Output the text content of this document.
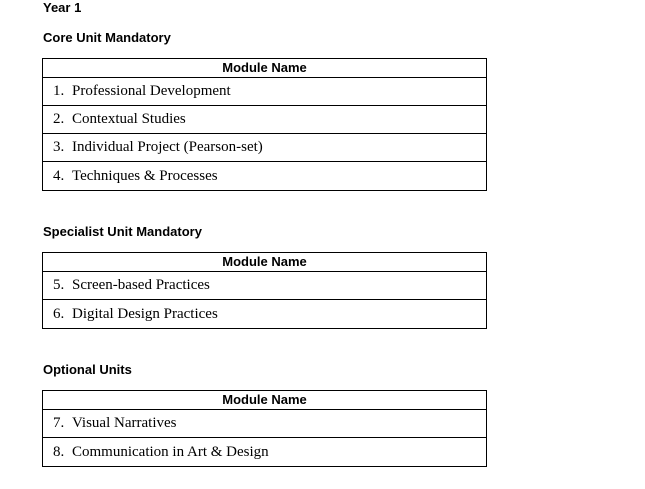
Year 1
Core Unit Mandatory
Module Name
1. Professional Development
2. Contextual Studies
3. Individual Project (Pearson-set)
4. Techniques & Processes
Specialist Unit Mandatory
Module Name
5. Screen-based Practices
6. Digital Design Practices
Optional Units
Module Name
7. Visual Narratives
8. Communication in Art & Design
